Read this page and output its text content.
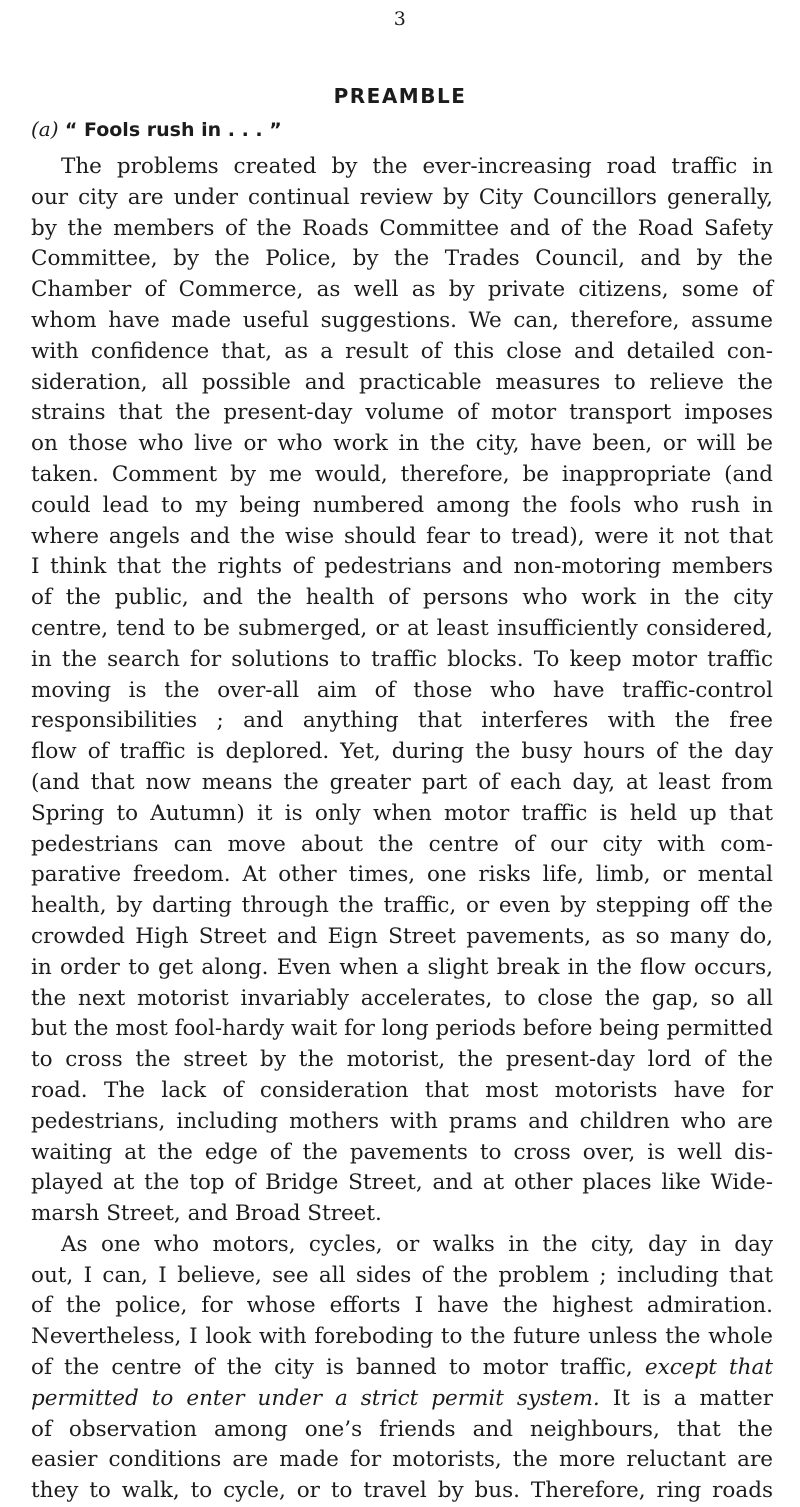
3
PREAMBLE
(a) “ Fools rush in . . . ”
The problems created by the ever-increasing road traffic in
our city are under continual review by City Councillors generally,
by the members of the Roads Committee and of the Road Safety
Committee, by the Police, by the Trades Council, and by the
Chamber of Commerce, as well as by private citizens, some of
whom have made useful suggestions. We can, therefore, assume
with confidence that, as a result of this close and detailed con-
sideration, all possible and practicable measures to relieve the
strains that the present-day volume of motor transport imposes
on those who live or who work in the city, have been, or will be
taken. Comment by me would, therefore, be inappropriate (and
could lead to my being numbered among the fools who rush in
where angels and the wise should fear to tread), were it not that
I think that the rights of pedestrians and non-motoring members
of the public, and the health of persons who work in the city
centre, tend to be submerged, or at least insufficiently considered,
in the search for solutions to traffic blocks. To keep motor traffic
moving is the over-all aim of those who have traffic-control
responsibilities ; and anything that interferes with the free
flow of traffic is deplored. Yet, during the busy hours of the day
(and that now means the greater part of each day, at least from
Spring to Autumn) it is only when motor traffic is held up that
pedestrians can move about the centre of our city with com-
parative freedom. At other times, one risks life, limb, or mental
health, by darting through the traffic, or even by stepping off the
crowded High Street and Eign Street pavements, as so many do,
in order to get along. Even when a slight break in the flow occurs,
the next motorist invariably accelerates, to close the gap, so all
but the most fool-hardy wait for long periods before being permitted
to cross the street by the motorist, the present-day lord of the
road. The lack of consideration that most motorists have for
pedestrians, including mothers with prams and children who are
waiting at the edge of the pavements to cross over, is well dis-
played at the top of Bridge Street, and at other places like Wide-
marsh Street, and Broad Street.
As one who motors, cycles, or walks in the city, day in day
out, I can, I believe, see all sides of the problem ; including that
of the police, for whose efforts I have the highest admiration.
Nevertheless, I look with foreboding to the future unless the whole
of the centre of the city is banned to motor traffic, except that
permitted to enter under a strict permit system. It is a matter
of observation among one’s friends and neighbours, that the
easier conditions are made for motorists, the more reluctant are
they to walk, to cycle, or to travel by bus. Therefore, ring roads
